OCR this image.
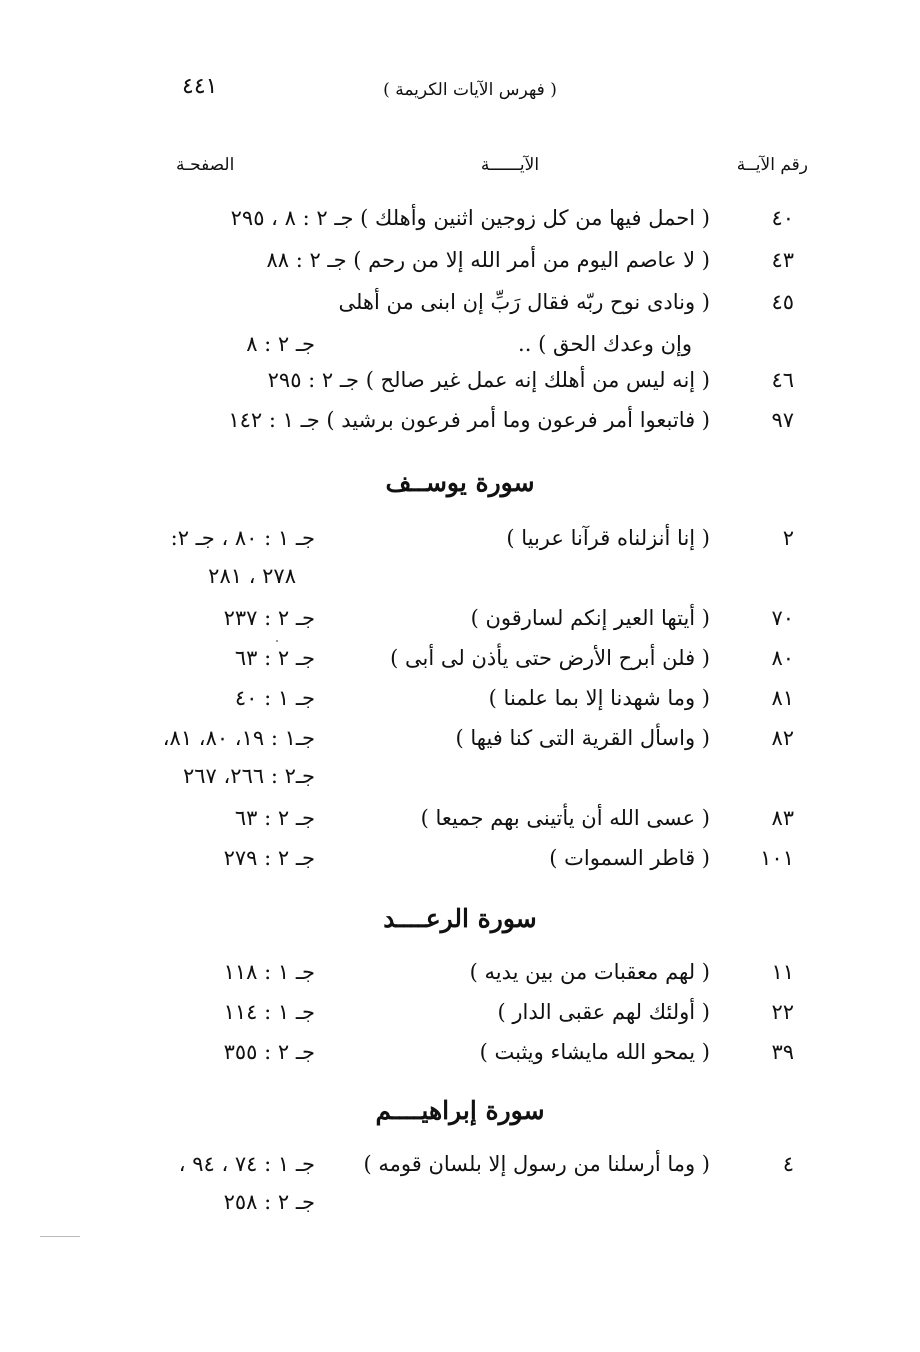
٤٤١	( فهرس الآيات الكريمة )
رقم الآيــة
الآيــــــة
الصفحـة
٤٠
( احمل فيها من كل زوجين اثنين وأهلك ) جـ ٢ : ٨ ، ٢٩٥
٤٣
( لا عاصم اليوم من أمر الله إلا من رحم ) جـ ٢ : ٨٨
٤٥
( ونادى نوح ربّه فقال رَبِّ إن ابنى من أهلى
وإن وعدك الحق ) ..
جـ ٢ : ٨
٤٦
( إنه ليس من أهلك إنه عمل غير صالح ) جـ ٢ : ٢٩٥
٩٧
( فاتبعوا أمر فرعون وما أمر فرعون برشيد ) جـ ١ : ١٤٢
سورة يوســف
٢
( إنا أنزلناه قرآنا عربيا )
جـ ١ : ٨٠ ، جـ ٢:
٢٧٨ ، ٢٨١
٧٠
( أيتها العير إنكم لسارقون )
جـ ٢ : ٢٣٧
٨٠
( فلن أبرح الأرض حتى يأذن لى أبى )
جـ ٢ : ٦٣
٨١
( وما شهدنا إلا بما علمنا )
جـ ١ : ٤٠
٨٢
( واسأل القرية التى كنا فيها )
جـ١ : ١٩، ٨٠، ٨١،
جـ٢ : ٢٦٦، ٢٦٧
٨٣
( عسى الله أن يأتينى بهم جميعا )
جـ ٢ : ٦٣
١٠١
( قاطر السموات )
جـ ٢ : ٢٧٩
سورة الرعــــد
١١
( لهم معقبات من بين يديه )
جـ ١ : ١١٨
٢٢
( أولئك لهم عقبى الدار )
جـ ١ : ١١٤
٣٩
( يمحو الله مايشاء ويثبت )
جـ ٢ : ٣٥٥
سورة إبراهيــــم
٤
( وما أرسلنا من رسول إلا بلسان قومه )
جـ ١ : ٧٤ ، ٩٤ ،
جـ ٢ : ٢٥٨
